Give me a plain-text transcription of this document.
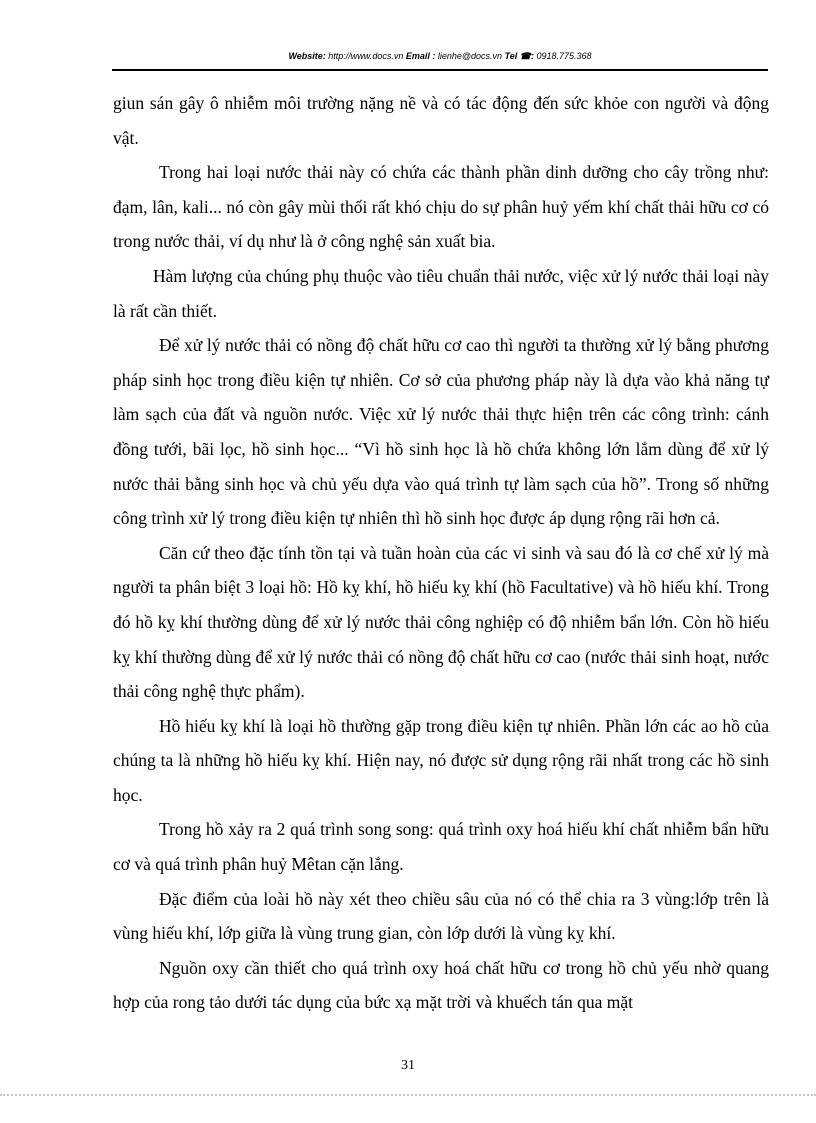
Website: http://www.docs.vn Email : lienhe@docs.vn Tel ☎: 0918.775.368

giun sán gây ô nhiễm môi trường nặng nề và có tác động đến sức khỏe con người và động vật.

Trong hai loại nước thải này có chứa các thành phần dinh dưỡng cho cây trồng như: đạm, lân, kali... nó còn gây mùi thối rất khó chịu do sự phân huỷ yếm khí chất thải hữu cơ có trong nước thải, ví dụ như là ở công nghệ sản xuất bia.

Hàm lượng của chúng phụ thuộc vào tiêu chuẩn thải nước, việc xử lý nước thải loại này là rất cần thiết.

Để xử lý nước thải có nồng độ chất hữu cơ cao thì người ta thường xử lý bằng phương pháp sinh học trong điều kiện tự nhiên. Cơ sở của phương pháp này là dựa vào khả năng tự làm sạch của đất và nguồn nước. Việc xử lý nước thải thực hiện trên các công trình: cánh đồng tưới, bãi lọc, hồ sinh học... “Vì hồ sinh học là hồ chứa không lớn lắm dùng để xử lý nước thải bằng sinh học và chủ yếu dựa vào quá trình tự làm sạch của hồ”. Trong số những công trình xử lý trong điều kiện tự nhiên thì hồ sinh học được áp dụng rộng rãi hơn cả.

Căn cứ theo đặc tính tồn tại và tuần hoàn của các vi sinh và sau đó là cơ chế xử lý mà người ta phân biệt 3 loại hồ: Hồ kỵ khí, hồ hiếu kỵ khí (hồ Facultative) và hồ hiếu khí. Trong đó hồ kỵ khí thường dùng để xử lý nước thải công nghiệp có độ nhiễm bẩn lớn. Còn hồ hiếu kỵ khí thường dùng để xử lý nước thải có nồng độ chất hữu cơ cao (nước thải sinh hoạt, nước thải công nghệ thực phẩm).

Hồ hiếu kỵ khí là loại hồ thường gặp trong điều kiện tự nhiên. Phần lớn các ao hồ của chúng ta là những hồ hiếu kỵ khí. Hiện nay, nó được sử dụng rộng rãi nhất trong các hồ sinh học.

Trong hồ xảy ra 2 quá trình song song: quá trình oxy hoá hiếu khí chất nhiễm bẩn hữu cơ và quá trình phân huỷ Mêtan cặn lắng.

Đặc điểm của loài hồ này xét theo chiều sâu của nó có thể chia ra 3 vùng:lớp trên là vùng hiếu khí, lớp giữa là vùng trung gian, còn lớp dưới là vùng kỵ khí.

Nguồn oxy cần thiết cho quá trình oxy hoá chất hữu cơ trong hồ chủ yếu nhờ quang hợp của rong tảo dưới tác dụng của bức xạ mặt trời và khuếch tán qua mặt

31
